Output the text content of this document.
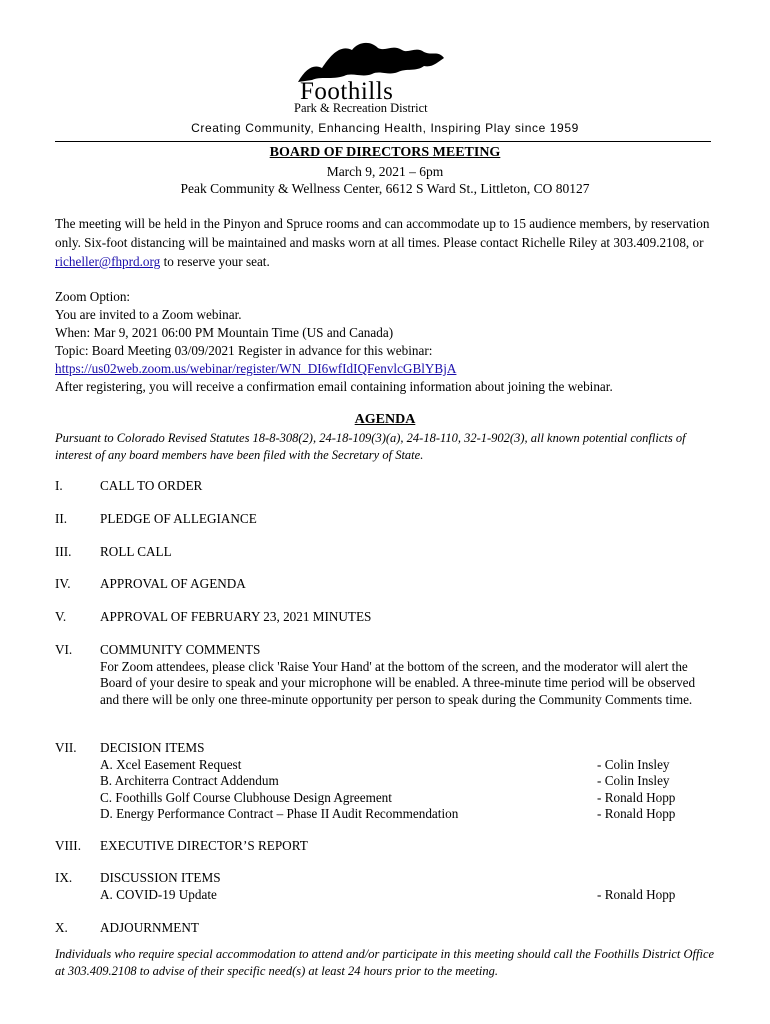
Foothills
Park & Recreation District
Creating Community, Enhancing Health, Inspiring Play since 1959
BOARD OF DIRECTORS MEETING
March 9, 2021 – 6pm
Peak Community & Wellness Center, 6612 S Ward St., Littleton, CO 80127
The meeting will be held in the Pinyon and Spruce rooms and can accommodate up to 15 audience members, by reservation only. Six-foot distancing will be maintained and masks worn at all times. Please contact Richelle Riley at 303.409.2108, or richeller@fhprd.org to reserve your seat.
Zoom Option:
You are invited to a Zoom webinar.
When: Mar 9, 2021 06:00 PM Mountain Time (US and Canada)
Topic: Board Meeting 03/09/2021 Register in advance for this webinar:
https://us02web.zoom.us/webinar/register/WN_DI6wfIdIQFenvlcGBlYBjA
After registering, you will receive a confirmation email containing information about joining the webinar.
AGENDA
Pursuant to Colorado Revised Statutes 18-8-308(2), 24-18-109(3)(a), 24-18-110, 32-1-902(3), all known potential conflicts of interest of any board members have been filed with the Secretary of State.
I.	CALL TO ORDER
II. PLEDGE OF ALLEGIANCE
III. ROLL CALL
IV. APPROVAL OF AGENDA
V.	APPROVAL OF FEBRUARY 23, 2021 MINUTES
VI. COMMUNITY COMMENTS
For Zoom attendees, please click 'Raise Your Hand' at the bottom of the screen, and the moderator will alert the Board of your desire to speak and your microphone will be enabled. A three-minute time period will be observed and there will be only one three-minute opportunity per person to speak during the Community Comments time.
VII. DECISION ITEMS
A. Xcel Easement Request	- Colin Insley
B. Architerra Contract Addendum	- Colin Insley
C. Foothills Golf Course Clubhouse Design Agreement	- Ronald Hopp
D. Energy Performance Contract – Phase II Audit Recommendation	- Ronald Hopp
VIII. EXECUTIVE DIRECTOR’S REPORT
IX. DISCUSSION ITEMS
A. COVID-19 Update	- Ronald Hopp
X. ADJOURNMENT
Individuals who require special accommodation to attend and/or participate in this meeting should call the Foothills District Office at 303.409.2108 to advise of their specific need(s) at least 24 hours prior to the meeting.
